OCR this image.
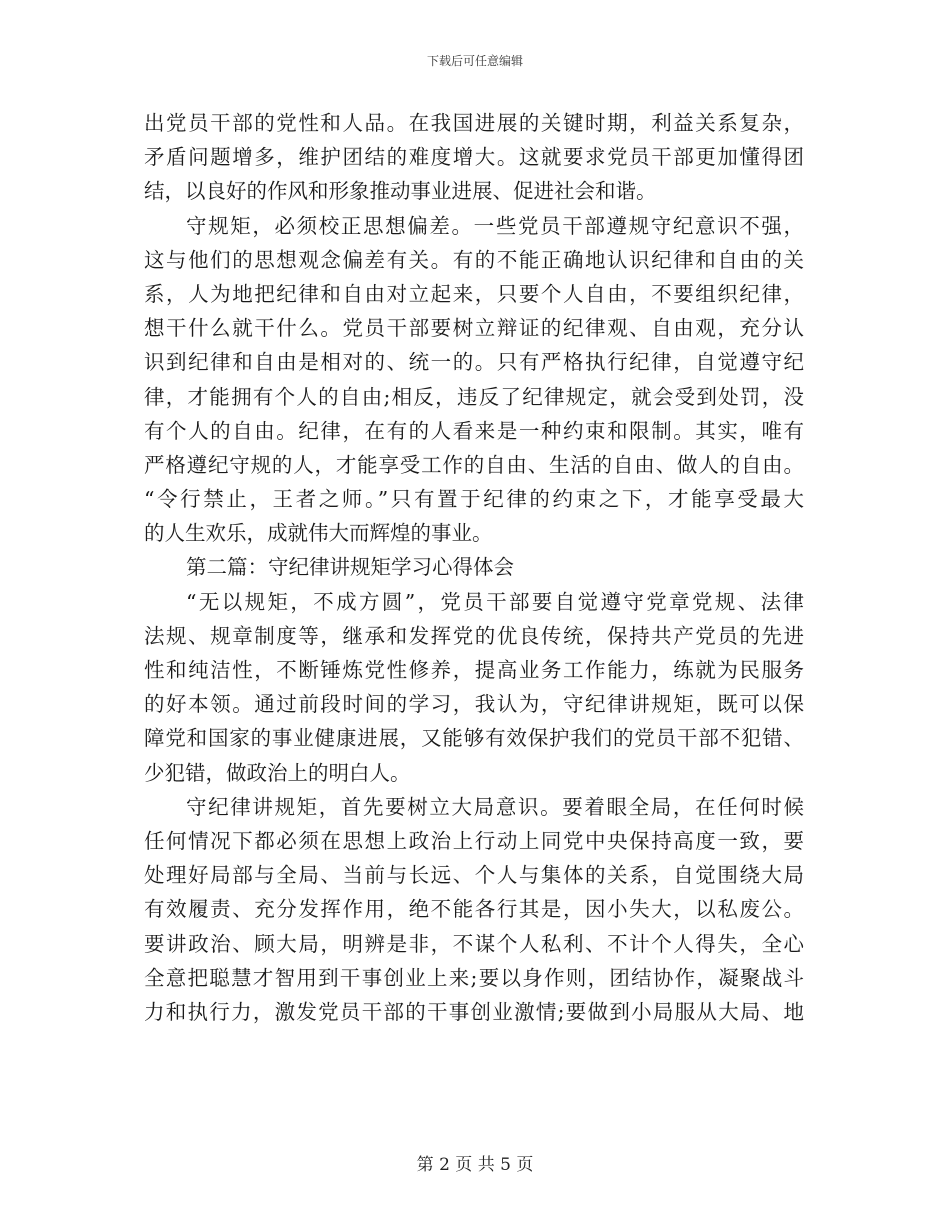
下载后可任意编辑
出党员干部的党性和人品。在我国进展的关键时期，利益关系复杂，
矛盾问题增多，维护团结的难度增大。这就要求党员干部更加懂得团
结，以良好的作风和形象推动事业进展、促进社会和谐。
守规矩，必须校正思想偏差。一些党员干部遵规守纪意识不强，
这与他们的思想观念偏差有关。有的不能正确地认识纪律和自由的关
系，人为地把纪律和自由对立起来，只要个人自由，不要组织纪律，
想干什么就干什么。党员干部要树立辩证的纪律观、自由观，充分认
识到纪律和自由是相对的、统一的。只有严格执行纪律，自觉遵守纪
律，才能拥有个人的自由;相反，违反了纪律规定，就会受到处罚，没
有个人的自由。纪律，在有的人看来是一种约束和限制。其实，唯有
严格遵纪守规的人，才能享受工作的自由、生活的自由、做人的自由。
“令行禁止，王者之师。”只有置于纪律的约束之下，才能享受最大
的人生欢乐，成就伟大而辉煌的事业。
第二篇：守纪律讲规矩学习心得体会
“无以规矩，不成方圆”，党员干部要自觉遵守党章党规、法律
法规、规章制度等，继承和发挥党的优良传统，保持共产党员的先进
性和纯洁性，不断锤炼党性修养，提高业务工作能力，练就为民服务
的好本领。通过前段时间的学习，我认为，守纪律讲规矩，既可以保
障党和国家的事业健康进展，又能够有效保护我们的党员干部不犯错、
少犯错，做政治上的明白人。
守纪律讲规矩，首先要树立大局意识。要着眼全局，在任何时候
任何情况下都必须在思想上政治上行动上同党中央保持高度一致，要
处理好局部与全局、当前与长远、个人与集体的关系，自觉围绕大局
有效履责、充分发挥作用，绝不能各行其是，因小失大，以私废公。
要讲政治、顾大局，明辨是非，不谋个人私利、不计个人得失，全心
全意把聪慧才智用到干事创业上来;要以身作则，团结协作，凝聚战斗
力和执行力，激发党员干部的干事创业激情;要做到小局服从大局、地
第 2 页 共 5 页
